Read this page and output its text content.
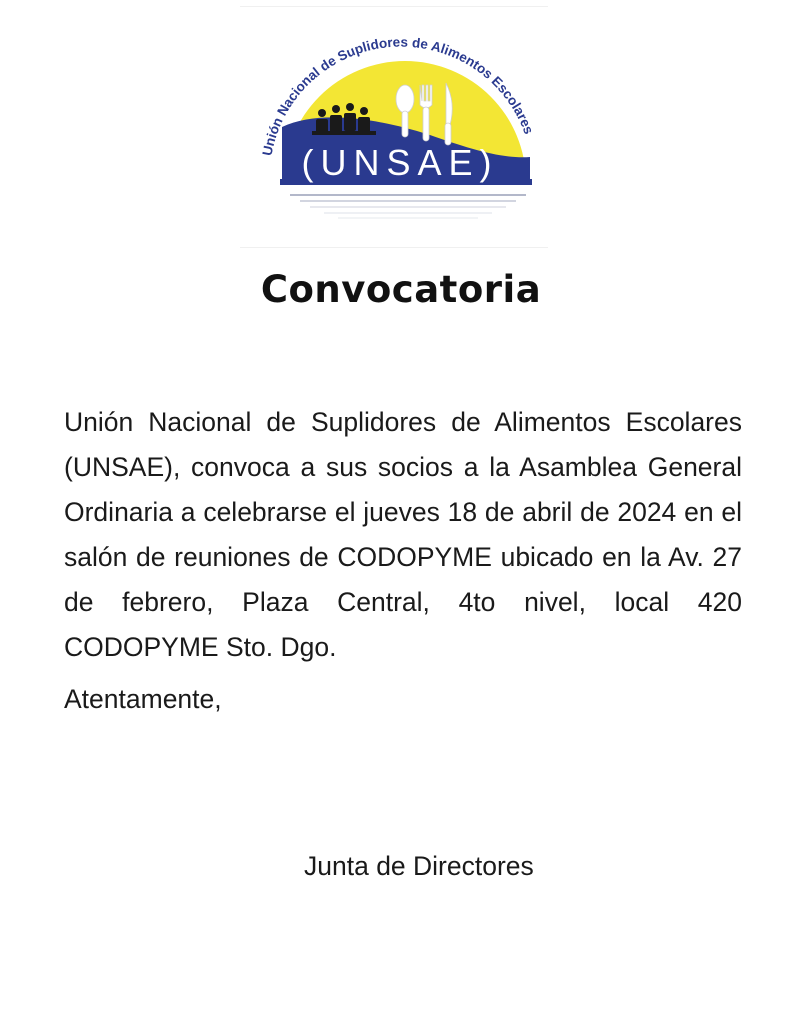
(UNSAE)
Unión Nacional de Suplidores de Alimentos Escolares
Convocatoria

Unión Nacional de Suplidores de Alimentos Escolares (UNSAE), convoca a sus socios a la Asamblea General Ordinaria a celebrarse el jueves 18 de abril de 2024 en el salón de reuniones de CODOPYME ubicado en la Av. 27 de febrero, Plaza Central, 4to nivel, local 420 CODOPYME Sto. Dgo.

Atentamente,

Junta de Directores
